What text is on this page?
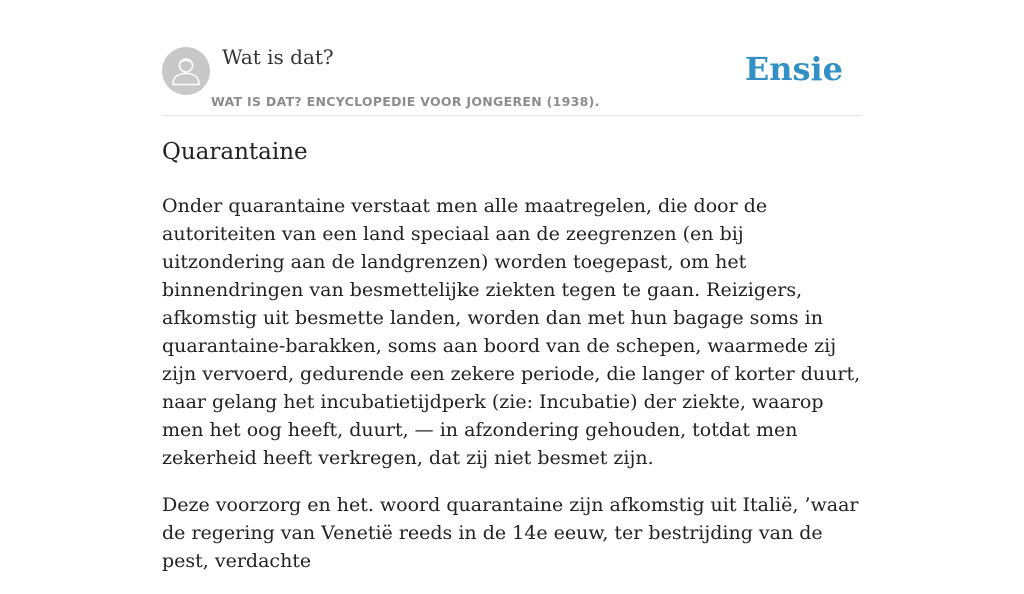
Wat is dat?
WAT IS DAT? ENCYCLOPEDIE VOOR JONGEREN (1938).
Ensie
Quarantaine

Onder quarantaine verstaat men alle maatregelen, die door de autoriteiten van een land speciaal aan de zeegrenzen (en bij uitzondering aan de landgrenzen) worden toegepast, om het binnendringen van besmettelijke ziekten tegen te gaan. Reizigers, afkomstig uit besmette landen, worden dan met hun bagage soms in quarantaine-barakken, soms aan boord van de schepen, waarmede zij zijn vervoerd, gedurende een zekere periode, die langer of korter duurt, naar gelang het incubatietijdperk (zie: Incubatie) der ziekte, waarop men het oog heeft, duurt, — in afzondering gehouden, totdat men zekerheid heeft verkregen, dat zij niet besmet zijn.

Deze voorzorg en het. woord quarantaine zijn afkomstig uit Italië, ’waar de regering van Venetië reeds in de 14e eeuw, ter bestrijding van de pest, verdachte
